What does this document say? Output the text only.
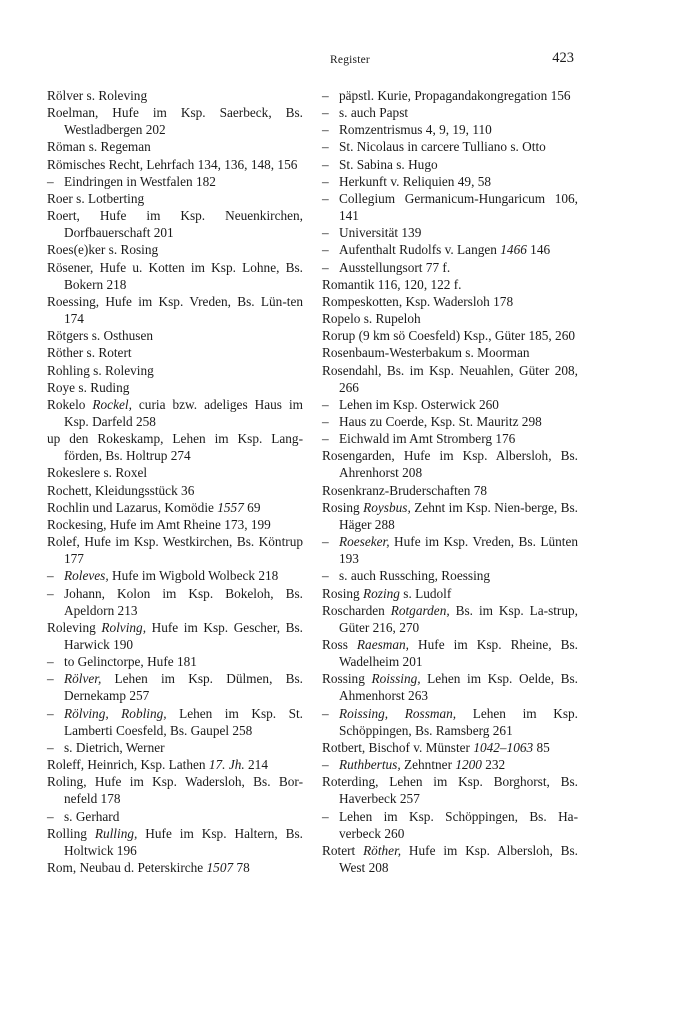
Register	423

Rölver s. Roleving

Roelman, Hufe im Ksp. Saerbeck, Bs. Westladbergen 202

Röman s. Regeman

Römisches Recht, Lehrfach 134, 136, 148, 156

– Eindringen in Westfalen 182

Roer s. Lotberting

Roert, Hufe im Ksp. Neuenkirchen, Dorfbauerschaft 201

Roes(e)ker s. Rosing

Rösener, Hufe u. Kotten im Ksp. Lohne, Bs. Bokern 218

Roessing, Hufe im Ksp. Vreden, Bs. Lün-ten 174

Rötgers s. Osthusen

Röther s. Rotert

Rohling s. Roleving

Roye s. Ruding

Rokelo Rockel, curia bzw. adeliges Haus im Ksp. Darfeld 258

up den Rokeskamp, Lehen im Ksp. Lang-förden, Bs. Holtrup 274

Rokeslere s. Roxel

Rochett, Kleidungsstück 36

Rochlin und Lazarus, Komödie 1557 69

Rockesing, Hufe im Amt Rheine 173, 199

Rolef, Hufe im Ksp. Westkirchen, Bs. Köntrup 177

– Roleves, Hufe im Wigbold Wolbeck 218

– Johann, Kolon im Ksp. Bokeloh, Bs. Apeldorn 213

Roleving Rolving, Hufe im Ksp. Gescher, Bs. Harwick 190

– to Gelinctorpe, Hufe 181

– Rölver, Lehen im Ksp. Dülmen, Bs. Dernekamp 257

– Rölving, Robling, Lehen im Ksp. St. Lamberti Coesfeld, Bs. Gaupel 258

– s. Dietrich, Werner

Roleff, Heinrich, Ksp. Lathen 17. Jh. 214

Roling, Hufe im Ksp. Wadersloh, Bs. Bor-nefeld 178

– s. Gerhard

Rolling Rulling, Hufe im Ksp. Haltern, Bs. Holtwick 196

Rom, Neubau d. Peterskirche 1507 78

– päpstl. Kurie, Propagandakongregation 156

– s. auch Papst

– Romzentrismus 4, 9, 19, 110

– St. Nicolaus in carcere Tulliano s. Otto

– St. Sabina s. Hugo

– Herkunft v. Reliquien 49, 58

– Collegium Germanicum-Hungaricum 106, 141

– Universität 139

– Aufenthalt Rudolfs v. Langen 1466 146

– Ausstellungsort 77 f.

Romantik 116, 120, 122 f.

Rompeskotten, Ksp. Wadersloh 178

Ropelo s. Rupeloh

Rorup (9 km sö Coesfeld) Ksp., Güter 185, 260

Rosenbaum-Westerbakum s. Moorman

Rosendahl, Bs. im Ksp. Neuahlen, Güter 208, 266

– Lehen im Ksp. Osterwick 260

– Haus zu Coerde, Ksp. St. Mauritz 298

– Eichwald im Amt Stromberg 176

Rosengarden, Hufe im Ksp. Albersloh, Bs. Ahrenhorst 208

Rosenkranz-Bruderschaften 78

Rosing Roysbus, Zehnt im Ksp. Nien-berge, Bs. Häger 288

– Roeseker, Hufe im Ksp. Vreden, Bs. Lünten 193

– s. auch Russching, Roessing

Rosing Rozing s. Ludolf

Roscharden Rotgarden, Bs. im Ksp. La-strup, Güter 216, 270

Ross Raesman, Hufe im Ksp. Rheine, Bs. Wadelheim 201

Rossing Roissing, Lehen im Ksp. Oelde, Bs. Ahmenhorst 263

– Roissing, Rossman, Lehen im Ksp. Schöppingen, Bs. Ramsberg 261

Rotbert, Bischof v. Münster 1042–1063 85

– Ruthbertus, Zehntner 1200 232

Roterding, Lehen im Ksp. Borghorst, Bs. Haverbeck 257

– Lehen im Ksp. Schöppingen, Bs. Ha-verbeck 260

Rotert Röther, Hufe im Ksp. Albersloh, Bs. West 208
